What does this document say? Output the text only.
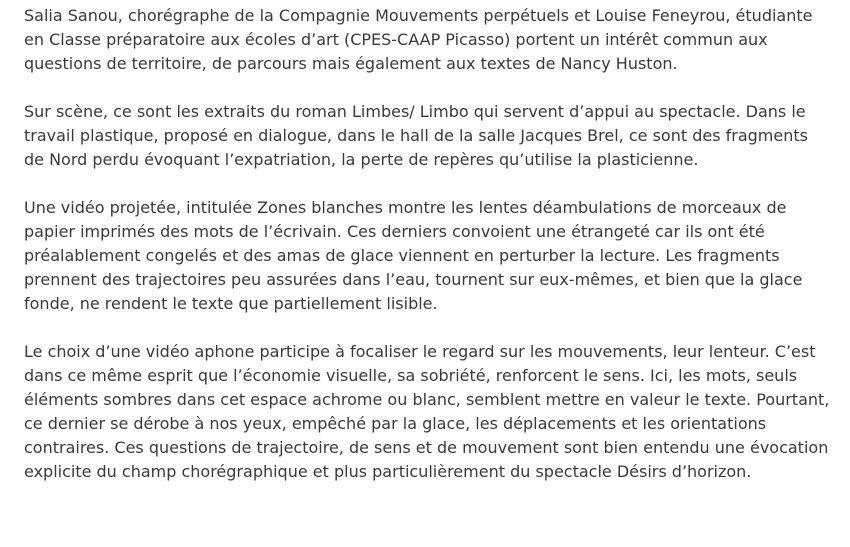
Salia Sanou, chorégraphe de la Compagnie Mouvements perpétuels et Louise Feneyrou, étudiante
en Classe préparatoire aux écoles d’art (CPES-CAAP Picasso) portent un intérêt commun aux
questions de territoire, de parcours mais également aux textes de Nancy Huston.

Sur scène, ce sont les extraits du roman Limbes/ Limbo qui servent d’appui au spectacle. Dans le
travail plastique, proposé en dialogue, dans le hall de la salle Jacques Brel, ce sont des fragments
de Nord perdu évoquant l’expatriation, la perte de repères qu’utilise la plasticienne.

Une vidéo projetée, intitulée Zones blanches montre les lentes déambulations de morceaux de
papier imprimés des mots de l’écrivain. Ces derniers convoient une étrangeté car ils ont été
préalablement congelés et des amas de glace viennent en perturber la lecture. Les fragments
prennent des trajectoires peu assurées dans l’eau, tournent sur eux-mêmes, et bien que la glace
fonde, ne rendent le texte que partiellement lisible.

Le choix d’une vidéo aphone participe à focaliser le regard sur les mouvements, leur lenteur. C’est
dans ce même esprit que l’économie visuelle, sa sobriété, renforcent le sens. Ici, les mots, seuls
éléments sombres dans cet espace achrome ou blanc, semblent mettre en valeur le texte. Pourtant,
ce dernier se dérobe à nos yeux, empêché par la glace, les déplacements et les orientations
contraires. Ces questions de trajectoire, de sens et de mouvement sont bien entendu une évocation
explicite du champ chorégraphique et plus particulièrement du spectacle Désirs d’horizon.
